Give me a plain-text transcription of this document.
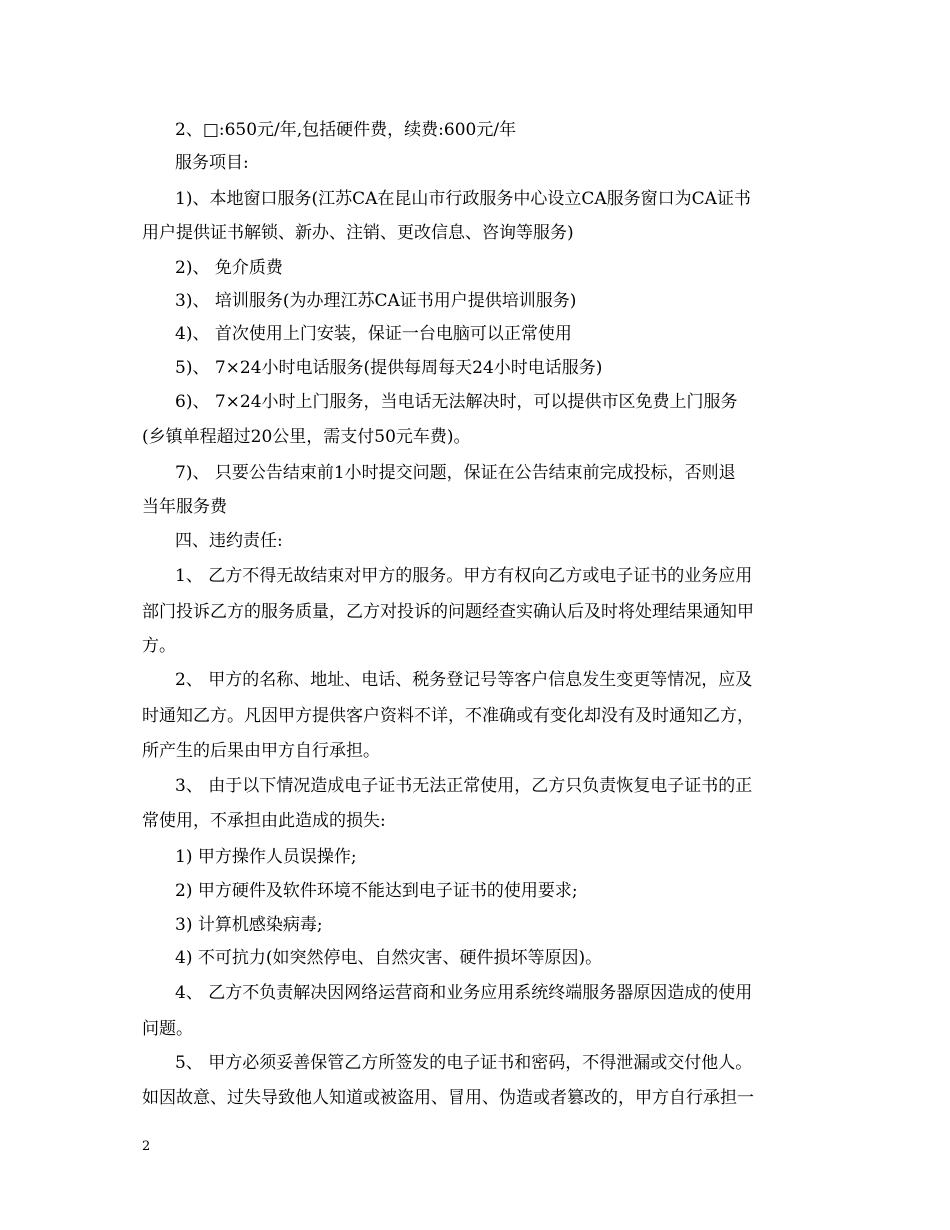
2、□:650元/年,包括硬件费，续费:600元/年
服务项目:
1)、本地窗口服务(江苏CA在昆山市行政服务中心设立CA服务窗口为CA证书
用户提供证书解锁、新办、注销、更改信息、咨询等服务)
2)、 免介质费
3)、 培训服务(为办理江苏CA证书用户提供培训服务)
4)、 首次使用上门安装，保证一台电脑可以正常使用
5)、 7×24小时电话服务(提供每周每天24小时电话服务)
6)、 7×24小时上门服务，当电话无法解决时，可以提供市区免费上门服务
(乡镇单程超过20公里，需支付50元车费)。
7)、 只要公告结束前1小时提交问题，保证在公告结束前完成投标，否则退
当年服务费
四、违约责任:
1、 乙方不得无故结束对甲方的服务。甲方有权向乙方或电子证书的业务应用
部门投诉乙方的服务质量，乙方对投诉的问题经查实确认后及时将处理结果通知甲
方。
2、 甲方的名称、地址、电话、税务登记号等客户信息发生变更等情况，应及
时通知乙方。凡因甲方提供客户资料不详，不准确或有变化却没有及时通知乙方，
所产生的后果由甲方自行承担。
3、 由于以下情况造成电子证书无法正常使用，乙方只负责恢复电子证书的正
常使用，不承担由此造成的损失:
1) 甲方操作人员误操作;
2) 甲方硬件及软件环境不能达到电子证书的使用要求;
3) 计算机感染病毒;
4) 不可抗力(如突然停电、自然灾害、硬件损坏等原因)。
4、 乙方不负责解决因网络运营商和业务应用系统终端服务器原因造成的使用
问题。
5、 甲方必须妥善保管乙方所签发的电子证书和密码，不得泄漏或交付他人。
如因故意、过失导致他人知道或被盗用、冒用、伪造或者篡改的，甲方自行承担一
2
